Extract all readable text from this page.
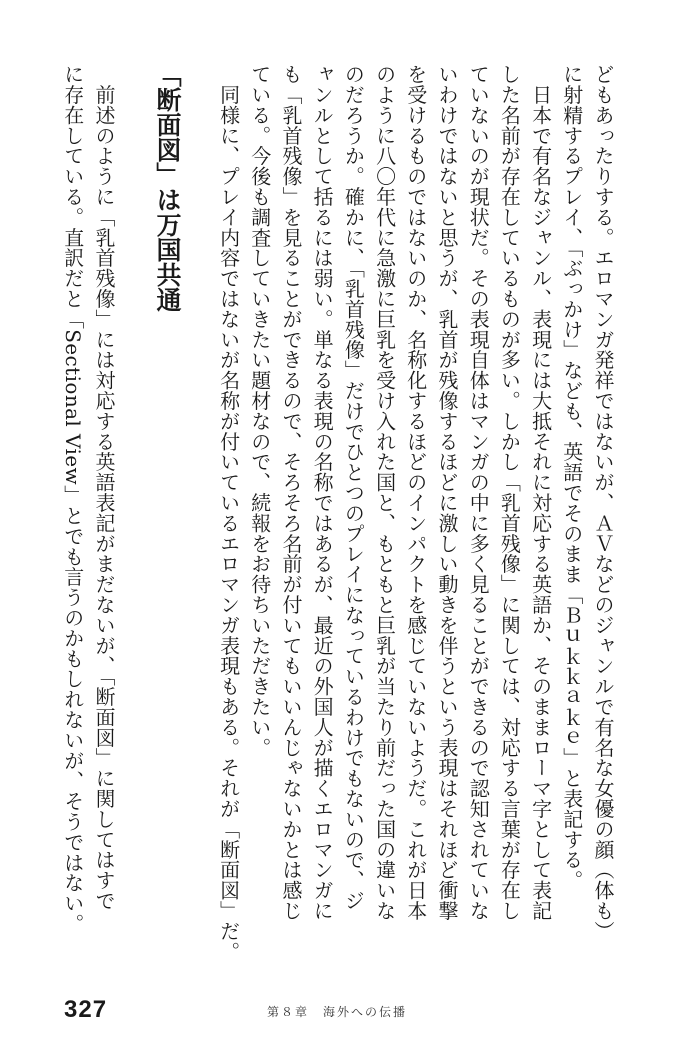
どもあったりする。エロマンガ発祥ではないが、ＡＶなどのジャンルで有名な女優の顔（体も）
に射精するプレイ、「ぶっかけ」なども、英語でそのまま「Ｂｕｋｋａｋｅ」と表記する。
　日本で有名なジャンル、表現には大抵それに対応する英語か、そのままローマ字として表記
した名前が存在しているものが多い。しかし「乳首残像」に関しては、対応する言葉が存在し
ていないのが現状だ。その表現自体はマンガの中に多く見ることができるので認知されていな
いわけではないと思うが、乳首が残像するほどに激しい動きを伴うという表現はそれほど衝撃
を受けるものではないのか、名称化するほどのインパクトを感じていないようだ。これが日本
のように八〇年代に急激に巨乳を受け入れた国と、もともと巨乳が当たり前だった国の違いな
のだろうか。確かに、「乳首残像」だけでひとつのプレイになっているわけでもないので、ジ
ャンルとして括るには弱い。単なる表現の名称ではあるが、最近の外国人が描くエロマンガに
も「乳首残像」を見ることができるので、そろそろ名前が付いてもいいんじゃないかとは感じ
ている。今後も調査していきたい題材なので、続報をお待ちいただきたい。
　同様に、プレイ内容ではないが名称が付いているエロマンガ表現もある。それが「断面図」だ。
「断面図」は万国共通
　前述のように「乳首残像」には対応する英語表記がまだないが、「断面図」に関してはすで
に存在している。直訳だと「Sectional View」とでも言うのかもしれないが、そうではない。
327	第８章　海外への伝播
